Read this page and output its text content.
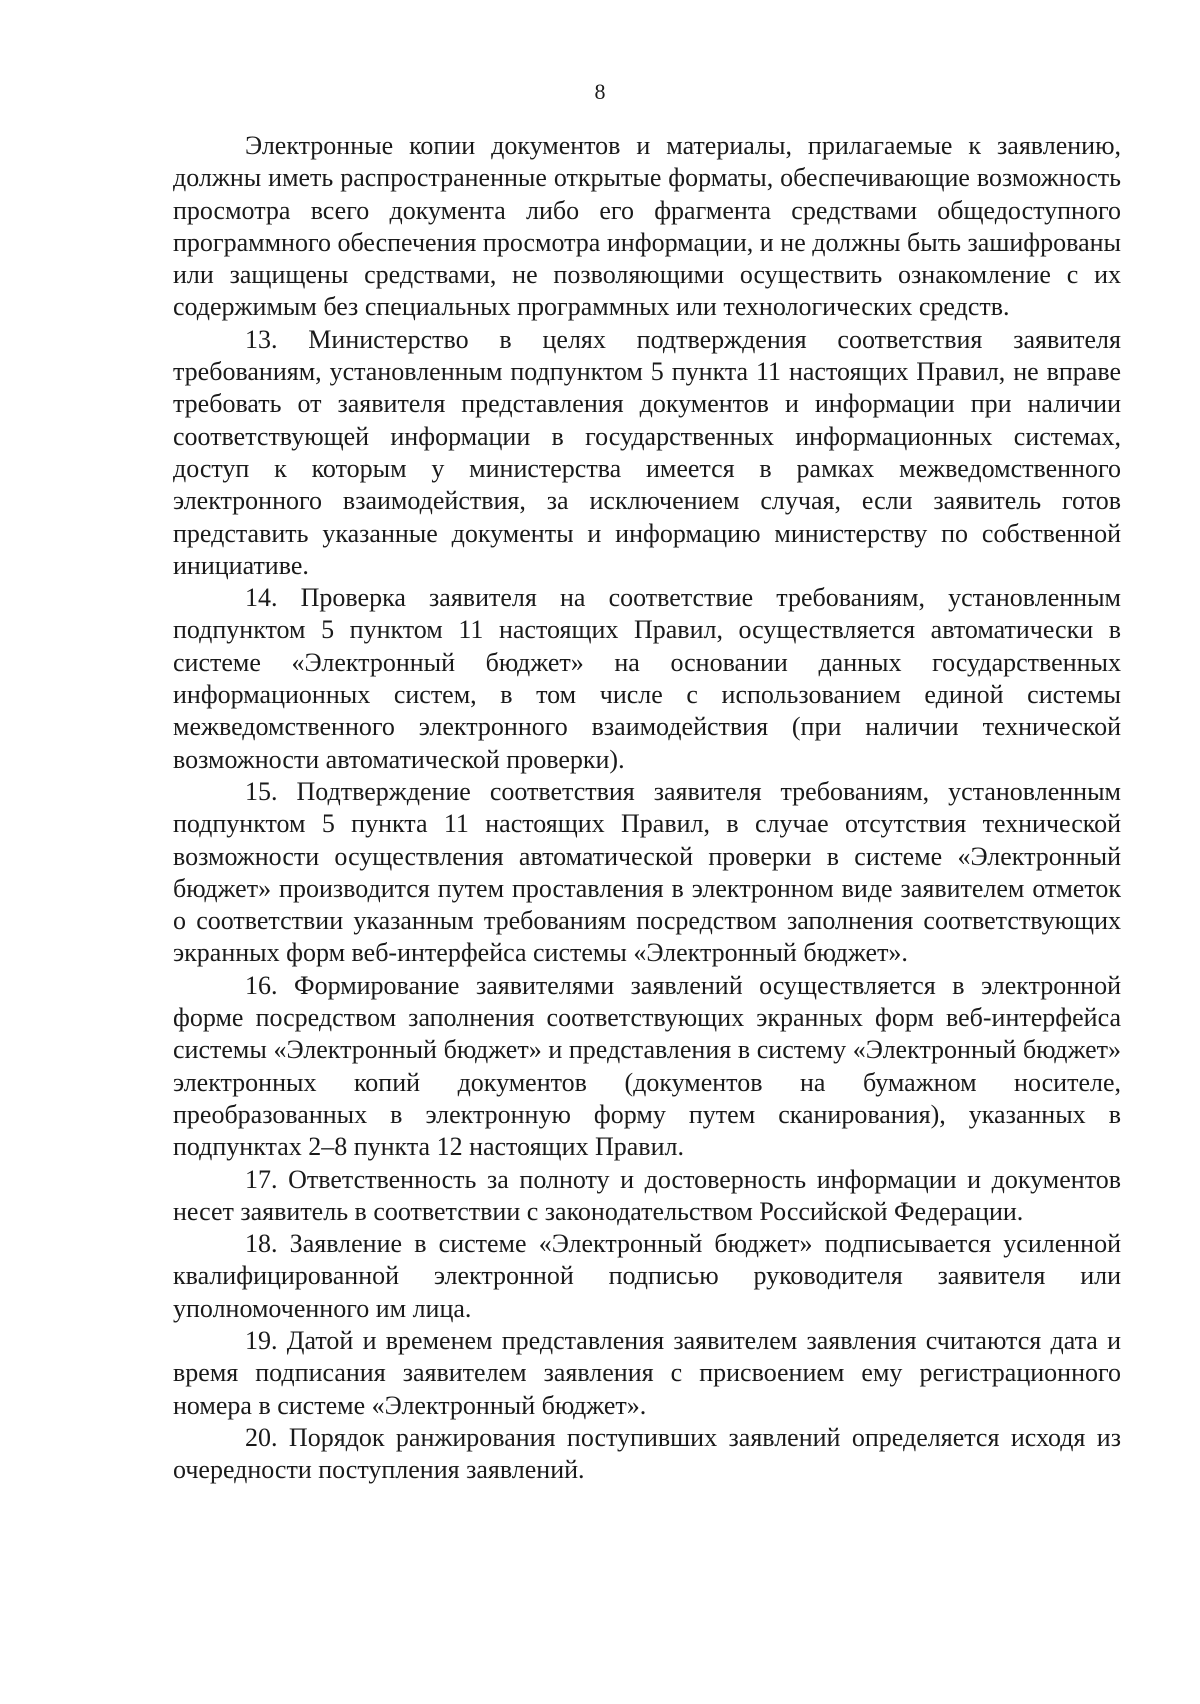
8

Электронные копии документов и материалы, прилагаемые к заявлению, должны иметь распространенные открытые форматы, обеспечивающие возможность просмотра всего документа либо его фрагмента средствами общедоступного программного обеспечения просмотра информации, и не должны быть зашифрованы или защищены средствами, не позволяющими осуществить ознакомление с их содержимым без специальных программных или технологических средств.

13. Министерство в целях подтверждения соответствия заявителя требованиям, установленным подпунктом 5 пункта 11 настоящих Правил, не вправе требовать от заявителя представления документов и информации при наличии соответствующей информации в государственных информационных системах, доступ к которым у министерства имеется в рамках межведомственного электронного взаимодействия, за исключением случая, если заявитель готов представить указанные документы и информацию министерству по собственной инициативе.

14. Проверка заявителя на соответствие требованиям, установленным подпунктом 5 пунктом 11 настоящих Правил, осуществляется автоматически в системе «Электронный бюджет» на основании данных государственных информационных систем, в том числе с использованием единой системы межведомственного электронного взаимодействия (при наличии технической возможности автоматической проверки).

15. Подтверждение соответствия заявителя требованиям, установленным подпунктом 5 пункта 11 настоящих Правил, в случае отсутствия технической возможности осуществления автоматической проверки в системе «Электронный бюджет» производится путем проставления в электронном виде заявителем отметок о соответствии указанным требованиям посредством заполнения соответствующих экранных форм веб-интерфейса системы «Электронный бюджет».

16. Формирование заявителями заявлений осуществляется в электронной форме посредством заполнения соответствующих экранных форм веб-интерфейса системы «Электронный бюджет» и представления в систему «Электронный бюджет» электронных копий документов (документов на бумажном носителе, преобразованных в электронную форму путем сканирования), указанных в подпунктах 2–8 пункта 12 настоящих Правил.

17. Ответственность за полноту и достоверность информации и документов несет заявитель в соответствии с законодательством Российской Федерации.

18. Заявление в системе «Электронный бюджет» подписывается усиленной квалифицированной электронной подписью руководителя заявителя или уполномоченного им лица.

19. Датой и временем представления заявителем заявления считаются дата и время подписания заявителем заявления с присвоением ему регистрационного номера в системе «Электронный бюджет».

20. Порядок ранжирования поступивших заявлений определяется исходя из очередности поступления заявлений.
